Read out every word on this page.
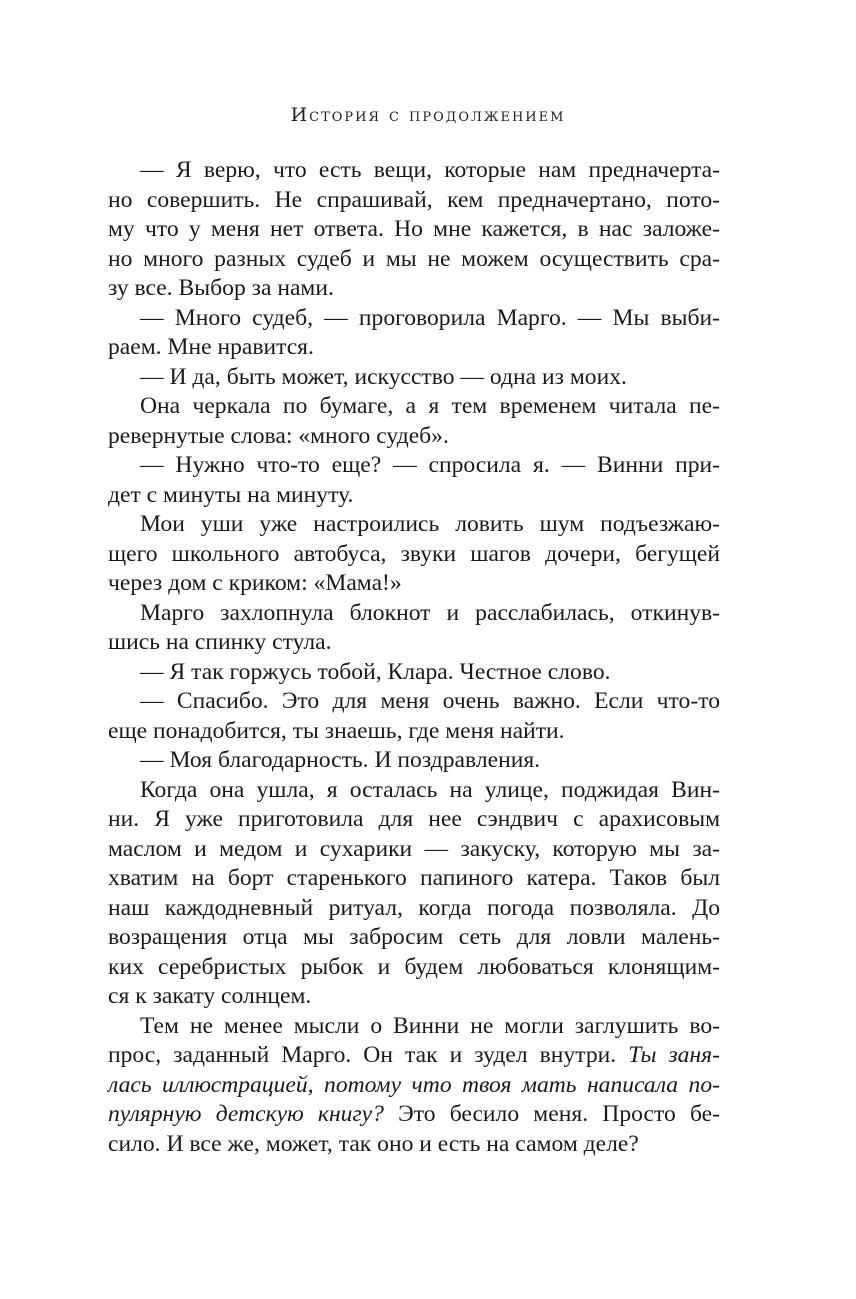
История с продолжением
— Я верю, что есть вещи, которые нам предначерта-
но совершить. Не спрашивай, кем предначертано, пото-
му что у меня нет ответа. Но мне кажется, в нас заложе-
но много разных судеб и мы не можем осуществить сра-
зу все. Выбор за нами.
— Много судеб, — проговорила Марго. — Мы выби-
раем. Мне нравится.
— И да, быть может, искусство — одна из моих.
Она черкала по бумаге, а я тем временем читала пе-
ревернутые слова: «много судеб».
— Нужно что-то еще? — спросила я. — Винни при-
дет с минуты на минуту.
Мои уши уже настроились ловить шум подъезжаю-
щего школьного автобуса, звуки шагов дочери, бегущей
через дом с криком: «Мама!»
Марго захлопнула блокнот и расслабилась, откинув-
шись на спинку стула.
— Я так горжусь тобой, Клара. Честное слово.
— Спасибо. Это для меня очень важно. Если что-то
еще понадобится, ты знаешь, где меня найти.
— Моя благодарность. И поздравления.
Когда она ушла, я осталась на улице, поджидая Вин-
ни. Я уже приготовила для нее сэндвич с арахисовым
маслом и медом и сухарики — закуску, которую мы за-
хватим на борт старенького папиного катера. Таков был
наш каждодневный ритуал, когда погода позволяла. До
возращения отца мы забросим сеть для ловли малень-
ких серебристых рыбок и будем любоваться клонящим-
ся к закату солнцем.
Тем не менее мысли о Винни не могли заглушить во-
прос, заданный Марго. Он так и зудел внутри. Ты заня-
лась иллюстрацией, потому что твоя мать написала по-
пулярную детскую книгу? Это бесило меня. Просто бе-
сило. И все же, может, так оно и есть на самом деле?
